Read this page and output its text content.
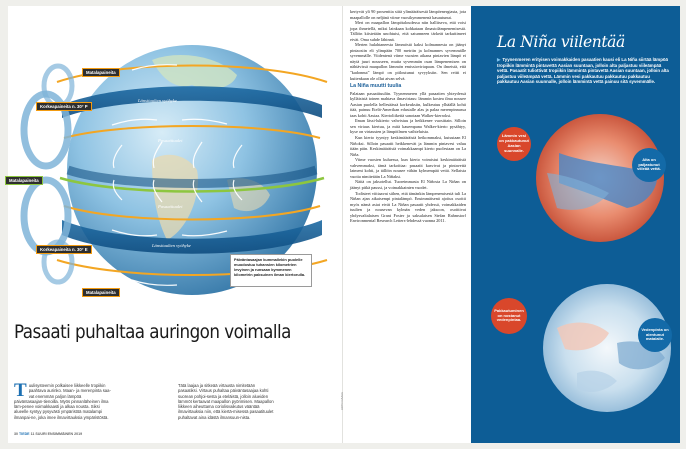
Matalapaineita
Korkeapaineita n. 30° P
Matalapaineita
Korkeapaineita n. 30° E
Matalapaineita
Länsituulten vyöhyke
Pasaatituulet
Pasaatituulet
Länsituulten vyöhyke
Päiväntasaajan kummallekin puolelle muodostuu tuhansien kilometrien levyinen ja runsaan kymmenen kilometrin paksuinen ilman kiertorulla.
Pasaati puhaltaa auringon voimalla
Tuulisysteemin polkaisee liikkeelle tropiikin paahtava aurinko. Maan- ja merenpinta saa-vat enemmän paljon lämpöä päiväntasaajan-tienoilla. Myös pinnanläheinen ilma läm-penee voimakkaasti ja alkaa nousta. Siksi alueelle syntyy pysyvästi ympäristöä matalampi ilmanpai-ne, joka imee ilmavirtauksia ympäristöstä.
Tätä laajaa ja sitkeää virtausta nimitetään pasaatiksi. Virtaus puhaltaa päiväntasaajaa kohti suorean pohjoi-sesta ja eteläistä, jolloin alueiden lämmöt kertaavat maapallon pyörimisen. Maapallon liikkeen aiheuttama coriolisvaikutus vääntää ilmavirtauksia niin, että kiertä-misessä pasaatituulet puhaltavat aina idästä ilmansuun-nista.
30 TIEDE 11 SUURI ENSIMMÄINEN 2019

kertyvät yli 90 prosenttia siitä ylimääräisestä lämpöenergiasta, jota maapallolle on neljänä viime vuosikymmenenä kasautunut.

Meri on maapallon lämpötaloudessa niin hallitseva, että voisi jopa ihmetellä, miksi lainkaan kohkataan ilmastolämpenemisestä. Tällöin kiistetään unohtuisi, että saturnneen tärkeät tarkuttimeet eivät. Oma suhde lähinnä.

Merten hulahtaneesta lämmöstä kaksi kolmannesta on jäänyt pintaosiin eli ylimpään 700 metriin ja kolmannes syvemmälle syvemmälle. Viidentenä viime vuosien aikana pintavien lämpö ei näytä juuri nousseen, mutta syvemmän osan lämpenemisen on nähtävissä maapallon lämmön emissiovirtapaan. On ilmeistä, että "kadonnut" lämpö on piiloutunut syvyyksiin. Sen reitti ei kuitenkaan ole ollut aivan selvä.

La Niña muutti tuulia

Palataan pasaatituuliin. Tyynenmeren yllä pasaatien yhteydessä kylläisistä toinen mahtava ilmavirtaus: lämmin kostea ilma nousee Aasian puolella hellesäässä korkeuksiin, kulkeutuu ylhäällä kohti itää, painuu Etelä-Amerikan edustalle alas ja palaa merenpinnassa taas kohti Aasiaa. Kiertoliikettä sanotaan Walker-kierroksi.

Ilman lässi-lukierto vahvistuu ja heikkenee vuosittain. Silloin sen virtaus kiertuu, ja mitä kauempana Walker-kierto pysähtyy, kyse on virtausten ja lämpöilmen vaihteluista.

Kun kierto tyyntyy keskimääräistä heikommaksi, kutsutaan El Niñoksi. Silloin pasaatit heikkenevät ja lämmin pintavesi valuu itään päin. Keskimääräistä voimakkaampi kierto puolestaan on La Niña.

Viime vuosien kuluessa, kun kierto voimistui keskimääräistä vahvemmaksi, tämä tarkoittaa: pasaatit kasvivat ja pintavettä laimeni kohti, ja tällöin nousee vähän kylmempää vettä. Sellaista vuotta nimitetään La Niñaksi.

Näitä on jaksotellut. Tuoreimmasta El Niñosta La Niñan on jäänyt pitkä paussi, ja voimakkainten vuodet.

Todisteet viittaavat siihen, että tämänkin lämpenemisestä tuli La Niñan ajan aikaisempi pintalämpö. Ensimmäisenä ajoitus osoitti myös nämä asiat eivät La Niñan pasaatit yhdessä, voimakkaiden tuulien ja nousevan kylmän veden jaksoon, osoittivat yhdysvaltalaisen Grant Foster ja saksalaisen Stefan Rahmstorf Environmental Research Letters-lehdessä vuonna 2011.

ARTO RAAHE
La Niña viilentää
▶ Tyynenmeren erityisen voimakkaiden pasaatien kausi eli La Niña siirtää lämpöä tropiikin lämmintä pintavettä Aasian suuntaan, jolloin alta paljastuu viileämpää vettä. Pasaatit tuliottivät tropiikin lämmintä pintavettä Aasian suuntaan, jolloin alta paljastuu viileämpää vettä. Lämmin vesi pakkautuu pakkautuu pakkautuu pakkautuu Aasian suunnalle, jolloin lämmintä vettä painuu sitä syvemmälle.
Lämmin vesi on pakkautunut Aasian suunnalle.
Alta on paljastunut viileää vettä.
Pakkautuminen on nostanut vedenpintaa.
Vedenpinta on alentunut matalalle.
